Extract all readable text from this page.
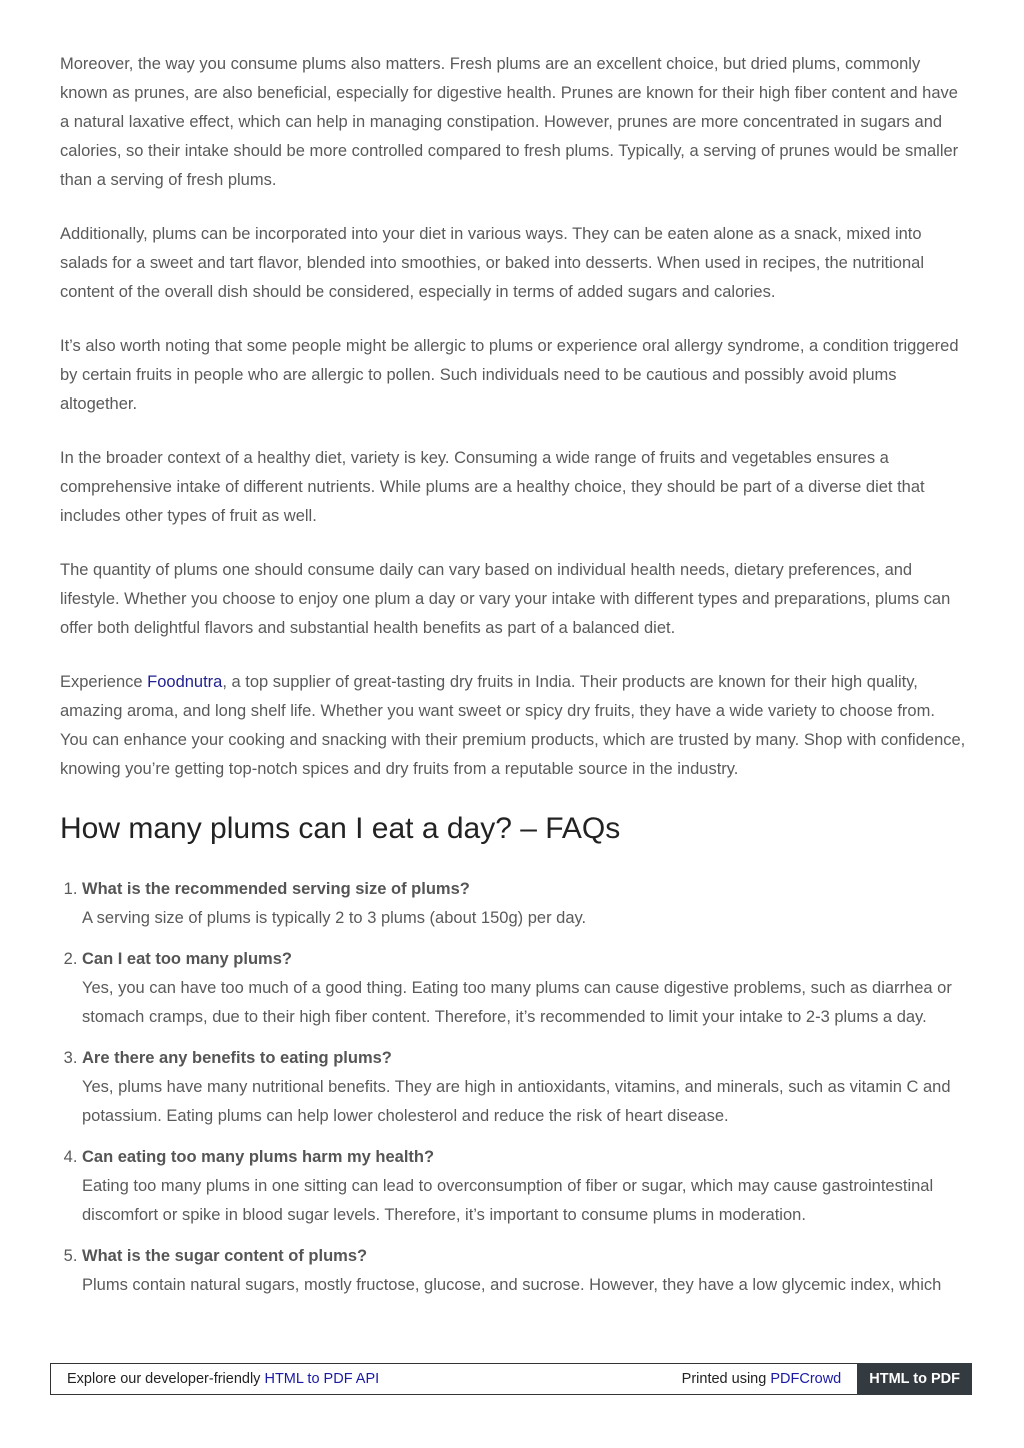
Moreover, the way you consume plums also matters. Fresh plums are an excellent choice, but dried plums, commonly known as prunes, are also beneficial, especially for digestive health. Prunes are known for their high fiber content and have a natural laxative effect, which can help in managing constipation. However, prunes are more concentrated in sugars and calories, so their intake should be more controlled compared to fresh plums. Typically, a serving of prunes would be smaller than a serving of fresh plums.

Additionally, plums can be incorporated into your diet in various ways. They can be eaten alone as a snack, mixed into salads for a sweet and tart flavor, blended into smoothies, or baked into desserts. When used in recipes, the nutritional content of the overall dish should be considered, especially in terms of added sugars and calories.

It’s also worth noting that some people might be allergic to plums or experience oral allergy syndrome, a condition triggered by certain fruits in people who are allergic to pollen. Such individuals need to be cautious and possibly avoid plums altogether.

In the broader context of a healthy diet, variety is key. Consuming a wide range of fruits and vegetables ensures a comprehensive intake of different nutrients. While plums are a healthy choice, they should be part of a diverse diet that includes other types of fruit as well.

The quantity of plums one should consume daily can vary based on individual health needs, dietary preferences, and lifestyle. Whether you choose to enjoy one plum a day or vary your intake with different types and preparations, plums can offer both delightful flavors and substantial health benefits as part of a balanced diet.

Experience Foodnutra, a top supplier of great-tasting dry fruits in India. Their products are known for their high quality, amazing aroma, and long shelf life. Whether you want sweet or spicy dry fruits, they have a wide variety to choose from. You can enhance your cooking and snacking with their premium products, which are trusted by many. Shop with confidence, knowing you’re getting top-notch spices and dry fruits from a reputable source in the industry.

How many plums can I eat a day? – FAQs
1. What is the recommended serving size of plums?
A serving size of plums is typically 2 to 3 plums (about 150g) per day.
2. Can I eat too many plums?
Yes, you can have too much of a good thing. Eating too many plums can cause digestive problems, such as diarrhea or stomach cramps, due to their high fiber content. Therefore, it’s recommended to limit your intake to 2-3 plums a day.
3. Are there any benefits to eating plums?
Yes, plums have many nutritional benefits. They are high in antioxidants, vitamins, and minerals, such as vitamin C and potassium. Eating plums can help lower cholesterol and reduce the risk of heart disease.
4. Can eating too many plums harm my health?
Eating too many plums in one sitting can lead to overconsumption of fiber or sugar, which may cause gastrointestinal discomfort or spike in blood sugar levels. Therefore, it’s important to consume plums in moderation.
5. What is the sugar content of plums?
Plums contain natural sugars, mostly fructose, glucose, and sucrose. However, they have a low glycemic index, which
Explore our developer-friendly HTML to PDF API	Printed using PDFCrowd	HTML to PDF
